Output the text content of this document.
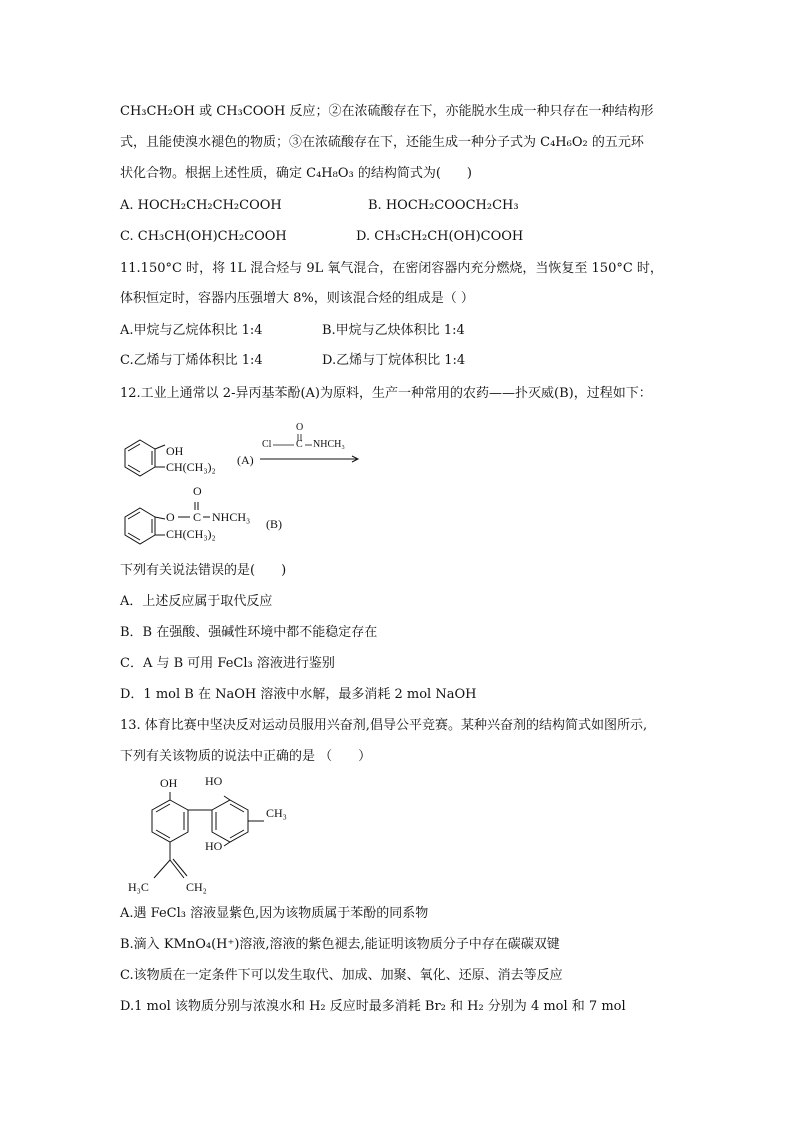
CH₃CH₂OH 或 CH₃COOH 反应；②在浓硫酸存在下，亦能脱水生成一种只存在一种结构形
式，且能使溴水褪色的物质；③在浓硫酸存在下，还能生成一种分子式为 C₄H₆O₂ 的五元环
状化合物。根据上述性质，确定 C₄H₈O₃ 的结构简式为(　　)
A. HOCH₂CH₂CH₂COOH	B. HOCH₂COOCH₂CH₃
C. CH₃CH(OH)CH₂COOH	D. CH₃CH₂CH(OH)COOH
11.150°C 时，将 1L 混合烃与 9L 氧气混合，在密闭容器内充分燃烧，当恢复至 150°C 时，
体积恒定时，容器内压强增大 8%，则该混合烃的组成是（ ）
A.甲烷与乙烷体积比 1:4	B.甲烷与乙炔体积比 1:4
C.乙烯与丁烯体积比 1:4	D.乙烯与丁烷体积比 1:4
12.工业上通常以 2-异丙基苯酚(A)为原料，生产一种常用的农药——扑灭威(B)，过程如下：
OH
CH(CH₃)₂ (A)
O
Cl C NHCH₃
O
O
C NHCH₃
CH(CH₃)₂
(B)
下列有关说法错误的是(　　)
A．上述反应属于取代反应
B．B 在强酸、强碱性环境中都不能稳定存在
C．A 与 B 可用 FeCl₃ 溶液进行鉴别
D．1 mol B 在 NaOH 溶液中水解，最多消耗 2 mol NaOH
13. 体育比赛中坚决反对运动员服用兴奋剂,倡导公平竞赛。某种兴奋剂的结构简式如图所示,
下列有关该物质的说法中正确的是 （　　）
OH HO
CH₃
HO
H₃C	CH₂
A.遇 FeCl₃ 溶液显紫色,因为该物质属于苯酚的同系物
B.滴入 KMnO₄(H⁺)溶液,溶液的紫色褪去,能证明该物质分子中存在碳碳双键
C.该物质在一定条件下可以发生取代、加成、加聚、氧化、还原、消去等反应
D.1 mol 该物质分别与浓溴水和 H₂ 反应时最多消耗 Br₂ 和 H₂ 分别为 4 mol 和 7 mol
